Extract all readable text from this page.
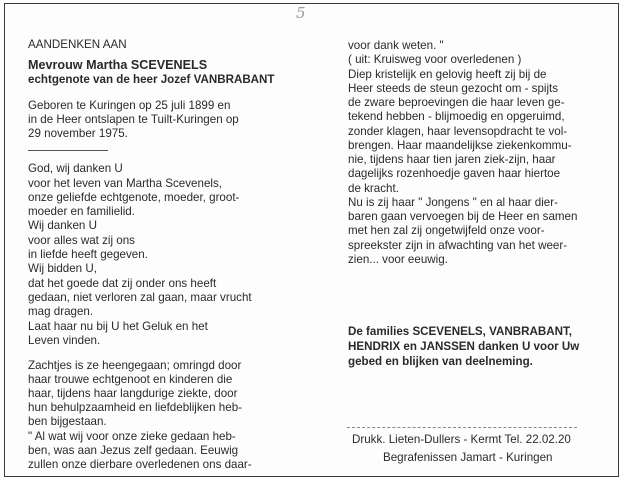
5
AANDENKEN AAN
Mevrouw Martha SCEVENELS
echtgenote van de heer Jozef VANBRABANT
Geboren te Kuringen op 25 juli 1899 en
in de Heer ontslapen te Tuilt-Kuringen op
29 november 1975.
God, wij danken U
voor het leven van Martha Scevenels,
onze geliefde echtgenote, moeder, groot-
moeder en familielid.
Wij danken U
voor alles wat zij ons
in liefde heeft gegeven.
Wij bidden U,
dat het goede dat zij onder ons heeft
gedaan, niet verloren zal gaan, maar vrucht
mag dragen.
Laat haar nu bij U het Geluk en het
Leven vinden.
Zachtjes is ze heengegaan; omringd door
haar trouwe echtgenoot en kinderen die
haar, tijdens haar langdurige ziekte, door
hun behulpzaamheid en liefdeblijken heb-
ben bijgestaan.
" Al wat wij voor onze zieke gedaan heb-
ben, was aan Jezus zelf gedaan. Eeuwig
zullen onze dierbare overledenen ons daar-
voor dank weten. "
( uit: Kruisweg voor overledenen )
Diep kristelijk en gelovig heeft zij bij de
Heer steeds de steun gezocht om - spijts
de zware beproevingen die haar leven ge-
tekend hebben - blijmoedig en opgeruimd,
zonder klagen, haar levensopdracht te vol-
brengen. Haar maandelijkse ziekenkommu-
nie, tijdens haar tien jaren ziek-zijn, haar
dagelijks rozenhoedje gaven haar hiertoe
de kracht.
Nu is zij haar " Jongens " en al haar dier-
baren gaan vervoegen bij de Heer en samen
met hen zal zij ongetwijfeld onze voor-
spreekster zijn in afwachting van het weer-
zien... voor eeuwig.
De families SCEVENELS, VANBRABANT,
HENDRIX en JANSSEN danken U voor Uw
gebed en blijken van deelneming.
Drukk. Lieten-Dullers - Kermt Tel. 22.02.20
Begrafenissen Jamart - Kuringen
